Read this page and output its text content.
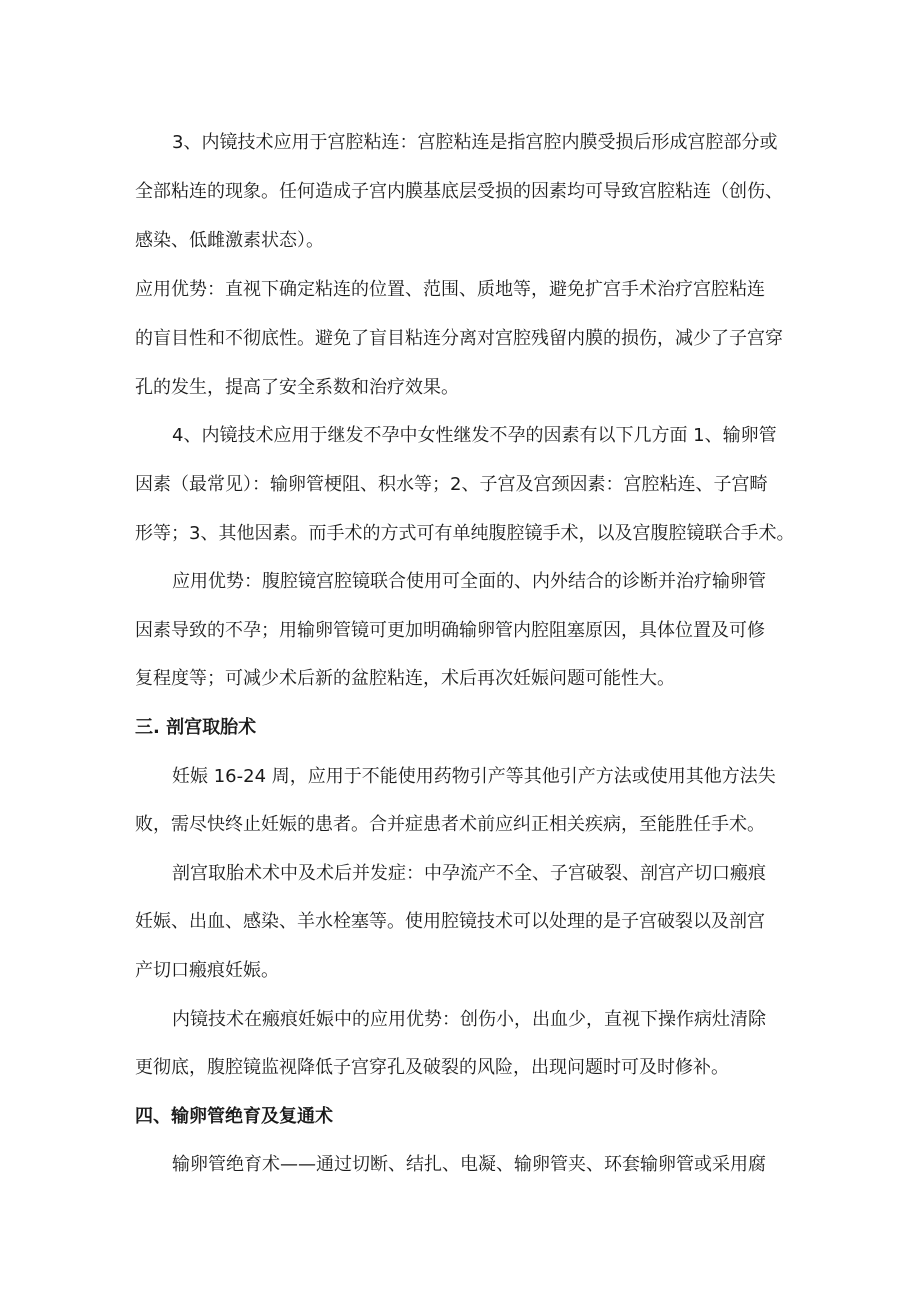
3、内镜技术应用于宫腔粘连：宫腔粘连是指宫腔内膜受损后形成宫腔部分或
全部粘连的现象。任何造成子宫内膜基底层受损的因素均可导致宫腔粘连（创伤、
感染、低雌激素状态）。
应用优势：直视下确定粘连的位置、范围、质地等，避免扩宫手术治疗宫腔粘连
的盲目性和不彻底性。避免了盲目粘连分离对宫腔残留内膜的损伤，减少了子宫穿
孔的发生，提高了安全系数和治疗效果。
4、内镜技术应用于继发不孕中女性继发不孕的因素有以下几方面 1、输卵管
因素（最常见）：输卵管梗阻、积水等；2、子宫及宫颈因素：宫腔粘连、子宫畸
形等；3、其他因素。而手术的方式可有单纯腹腔镜手术，以及宫腹腔镜联合手术。
应用优势：腹腔镜宫腔镜联合使用可全面的、内外结合的诊断并治疗输卵管
因素导致的不孕；用输卵管镜可更加明确输卵管内腔阻塞原因，具体位置及可修
复程度等；可减少术后新的盆腔粘连，术后再次妊娠问题可能性大。
三. 剖宫取胎术
妊娠 16-24 周，应用于不能使用药物引产等其他引产方法或使用其他方法失
败，需尽快终止妊娠的患者。合并症患者术前应纠正相关疾病，至能胜任手术。
剖宫取胎术术中及术后并发症：中孕流产不全、子宫破裂、剖宫产切口瘢痕
妊娠、出血、感染、羊水栓塞等。使用腔镜技术可以处理的是子宫破裂以及剖宫
产切口瘢痕妊娠。
内镜技术在瘢痕妊娠中的应用优势：创伤小，出血少，直视下操作病灶清除
更彻底，腹腔镜监视降低子宫穿孔及破裂的风险，出现问题时可及时修补。
四、输卵管绝育及复通术
输卵管绝育术——通过切断、结扎、电凝、输卵管夹、环套输卵管或采用腐
